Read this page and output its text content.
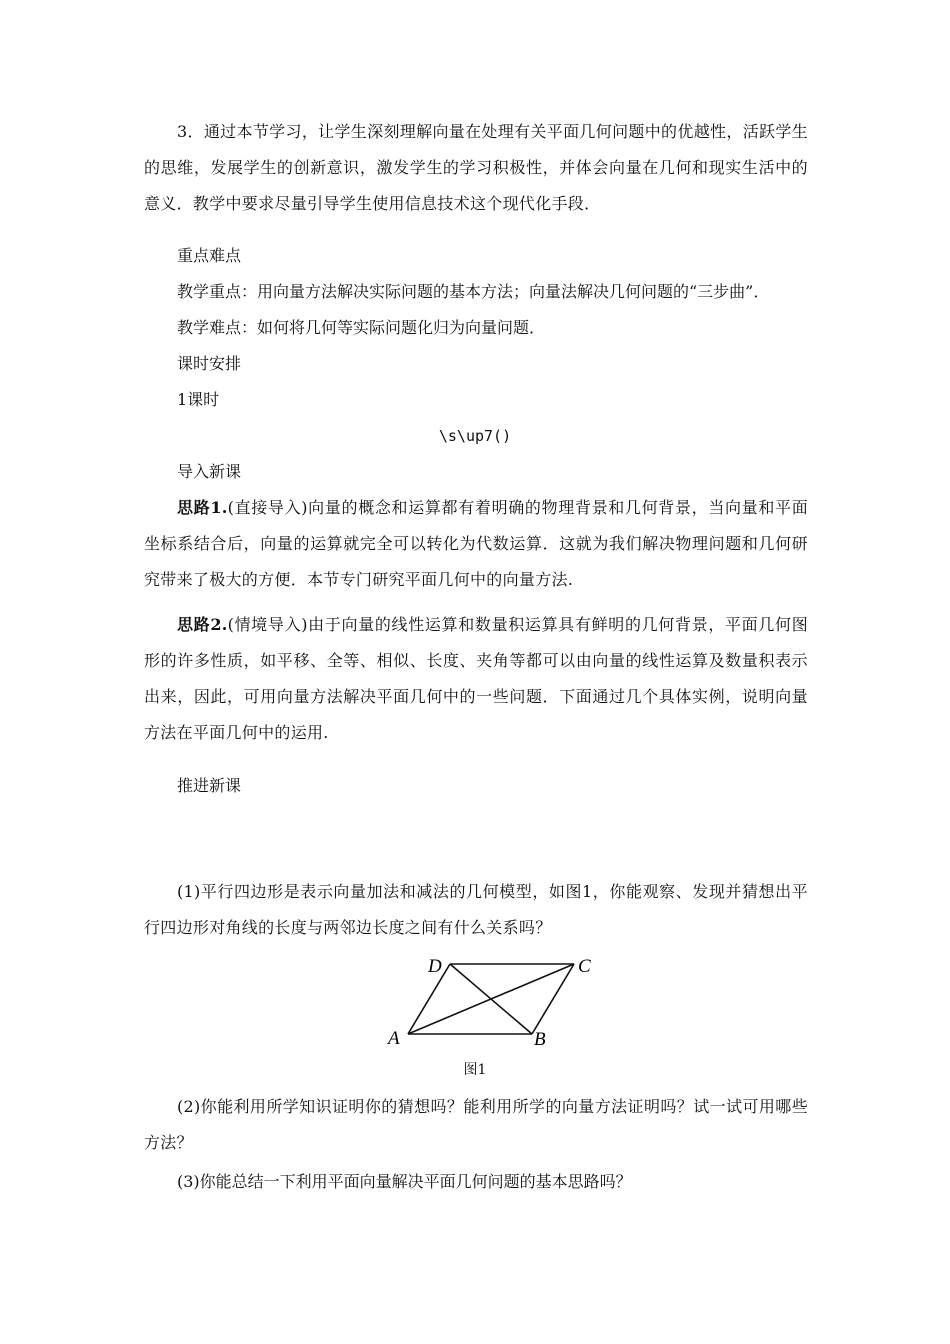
3．通过本节学习，让学生深刻理解向量在处理有关平面几何问题中的优越性，活跃学生的思维，发展学生的创新意识，激发学生的学习积极性，并体会向量在几何和现实生活中的意义．教学中要求尽量引导学生使用信息技术这个现代化手段．
重点难点
教学重点：用向量方法解决实际问题的基本方法；向量法解决几何问题的“三步曲”．
教学难点：如何将几何等实际问题化归为向量问题．
课时安排
1课时
\s\up7()
导入新课
思路1.(直接导入)向量的概念和运算都有着明确的物理背景和几何背景，当向量和平面坐标系结合后，向量的运算就完全可以转化为代数运算．这就为我们解决物理问题和几何研究带来了极大的方便．本节专门研究平面几何中的向量方法.
思路2.(情境导入)由于向量的线性运算和数量积运算具有鲜明的几何背景，平面几何图形的许多性质，如平移、全等、相似、长度、夹角等都可以由向量的线性运算及数量积表示出来，因此，可用向量方法解决平面几何中的一些问题．下面通过几个具体实例，说明向量方法在平面几何中的运用.
推进新课
(1)平行四边形是表示向量加法和减法的几何模型，如图1，你能观察、发现并猜想出平行四边形对角线的长度与两邻边长度之间有什么关系吗？
A	B
C
D
图1
(2)你能利用所学知识证明你的猜想吗？能利用所学的向量方法证明吗？试一试可用哪些方法？
(3)你能总结一下利用平面向量解决平面几何问题的基本思路吗？
